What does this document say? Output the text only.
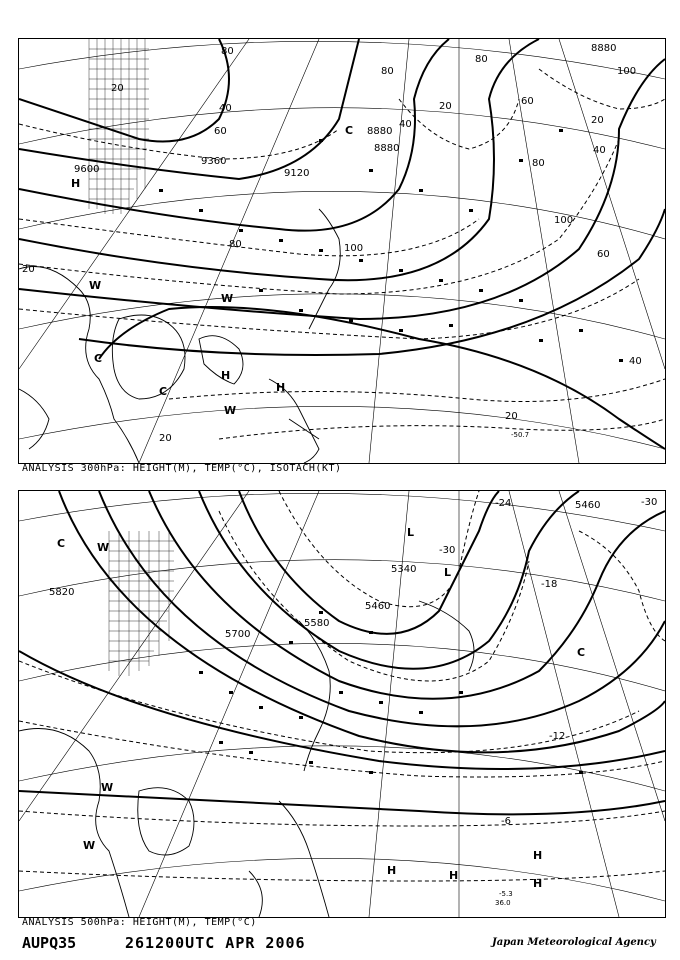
9600
9360
9120
8880
8880
8880
80
80
80
60
60
20
20
20
40
40
100
100
100
80
80
60
40
20
20
20
40
H
W
W
C
H
W
H
C
C
-50.7
ANALYSIS 300hPa: HEIGHT(M), TEMP(°C), ISOTACH(KT)
5820
5700
5580
5460
5340
5460
-30
-24
-18
-12
-6
-30
C	W
W
W
L
L
C
H	H
H
H
-5.3
36.0
ANALYSIS 500hPa: HEIGHT(M), TEMP(°C)
AUPQ35	261200UTC APR 2006	Japan Meteorological Agency
